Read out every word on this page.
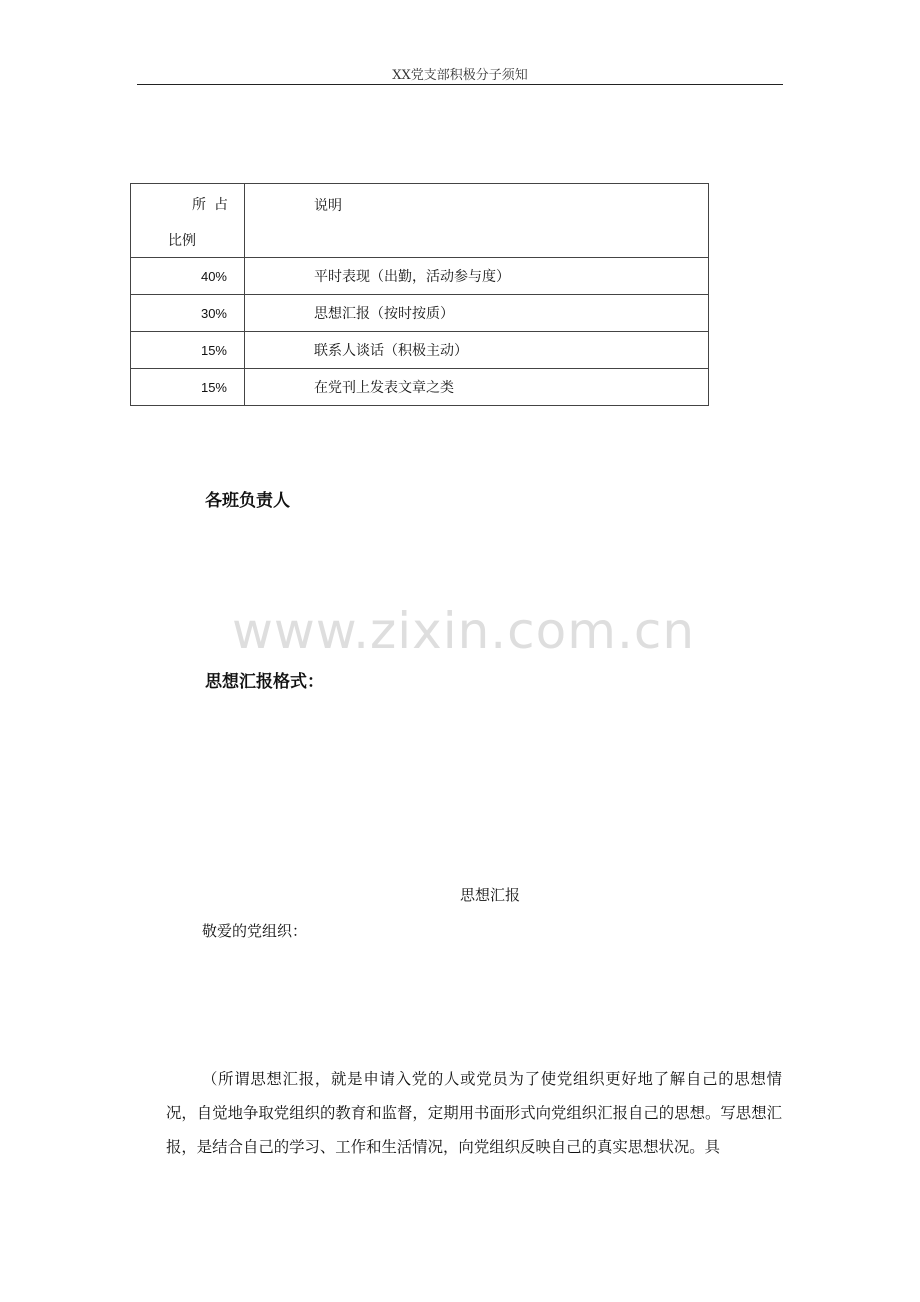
XX党支部积极分子须知
所占
比例	说明

40%	平时表现（出勤，活动参与度）
30%	思想汇报（按时按质）
15%	联系人谈话（积极主动）
15%	在党刊上发表文章之类
各班负责人
www.zixin.com.cn
思想汇报格式：
思想汇报
敬爱的党组织：
（所谓思想汇报，就是申请入党的人或党员为了使党组织更好地了解自己的思想情况，自觉地争取党组织的教育和监督，定期用书面形式向党组织汇报自己的思想。写思想汇报，是结合自己的学习、工作和生活情况，向党组织反映自己的真实思想状况。具
